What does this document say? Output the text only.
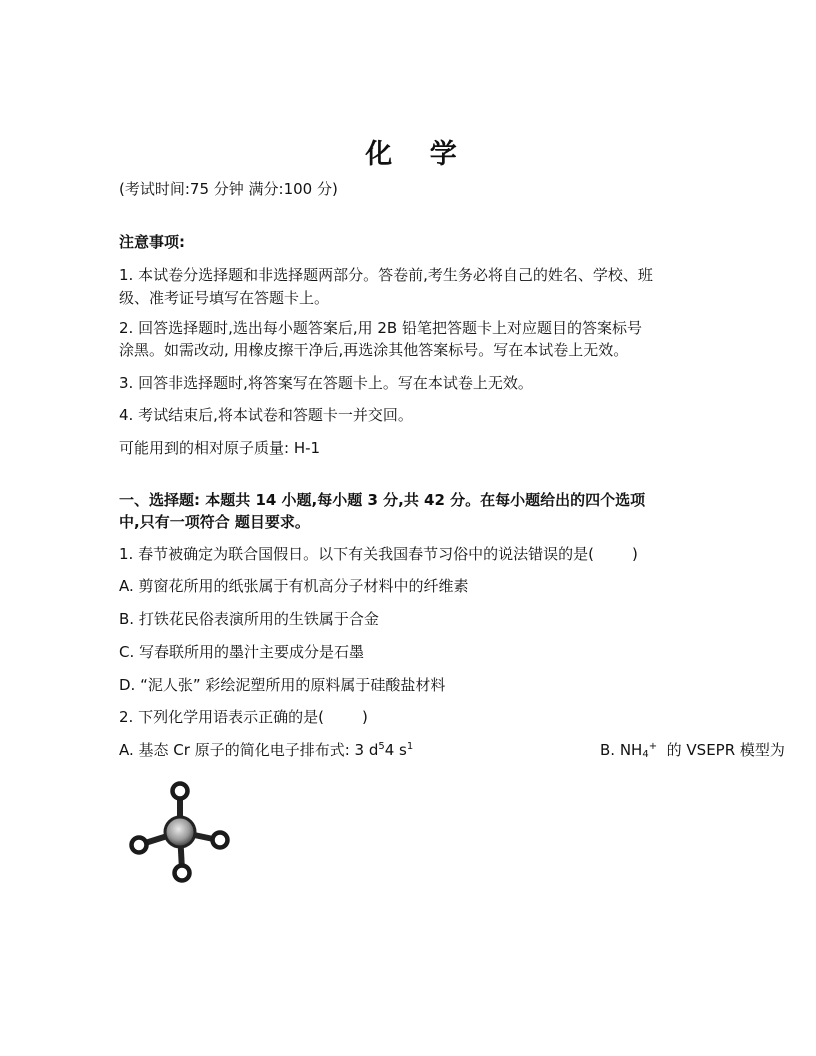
化 学
(考试时间:75 分钟 满分:100 分)
注意事项:
1. 本试卷分选择题和非选择题两部分。答卷前,考生务必将自己的姓名、学校、班
级、准考证号填写在答题卡上。
2. 回答选择题时,选出每小题答案后,用 2B 铅笔把答题卡上对应题目的答案标号
涂黑。如需改动, 用橡皮擦干净后,再选涂其他答案标号。写在本试卷上无效。
3. 回答非选择题时,将答案写在答题卡上。写在本试卷上无效。
4. 考试结束后,将本试卷和答题卡一并交回。
可能用到的相对原子质量: H-1
一、选择题: 本题共 14 小题,每小题 3 分,共 42 分。在每小题给出的四个选项
中,只有一项符合 题目要求。
1. 春节被确定为联合国假日。以下有关我国春节习俗中的说法错误的是(	)
A. 剪窗花所用的纸张属于有机高分子材料中的纤维素
B. 打铁花民俗表演所用的生铁属于合金
C. 写春联所用的墨汁主要成分是石墨
D. “泥人张” 彩绘泥塑所用的原料属于硅酸盐材料
2. 下列化学用语表示正确的是(	)
A. 基态 Cr 原子的简化电子排布式: 3 $d^54$ $s^1$	B. $NH_4^+$ 的 VSEPR 模型为
